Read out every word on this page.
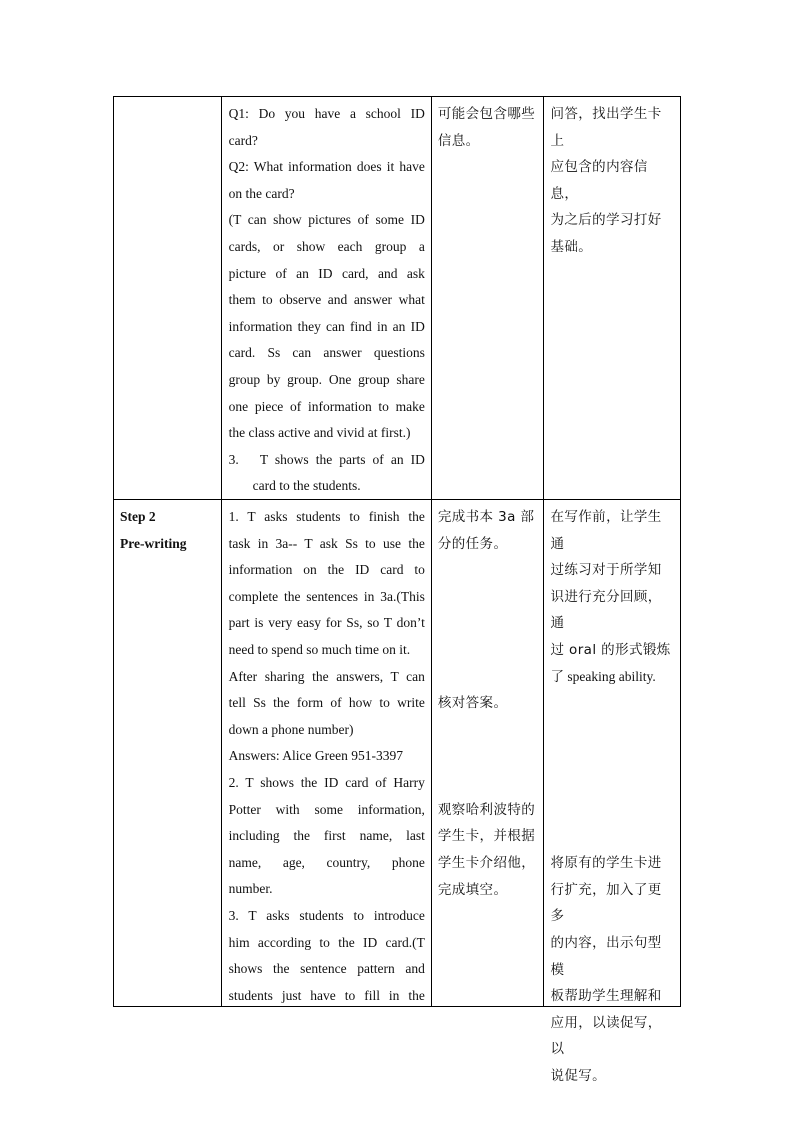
Q1: Do you have a school ID

card?

Q2: What information does it have

on the card?

(T can show pictures of some ID

cards, or show each group a

picture of an ID card, and ask

them to observe and answer what

information they can find in an ID

card. Ss can answer questions

group by group. One group share

one piece of information to make

the class active and vivid at first.)

3. T shows the parts of an ID

card to the students.

可能会包含哪些

信息。

问答，找出学生卡上

应包含的内容信息，

为之后的学习打好

基础。

Step 2

Pre-writing

1. T asks students to finish the

task in 3a-- T ask Ss to use the

information on the ID card to

complete the sentences in 3a.(This

part is very easy for Ss, so T don’t

need to spend so much time on it.

After sharing the answers, T can

tell Ss the form of how to write

down a phone number)

Answers: Alice Green 951-3397

2. T shows the ID card of Harry

Potter with some information,

including the first name, last

name, age, country, phone

number.

3. T asks students to introduce

him according to the ID card.(T

shows the sentence pattern and

students just have to fill in the

完成书本 3a 部

分的任务。

核对答案。

观察哈利波特的

学生卡，并根据

学生卡介绍他，

完成填空。

在写作前，让学生通

过练习对于所学知

识进行充分回顾，通

过 oral 的形式锻炼

了 speaking ability.

将原有的学生卡进

行扩充，加入了更多

的内容，出示句型模

板帮助学生理解和

应用，以读促写，以

说促写。
